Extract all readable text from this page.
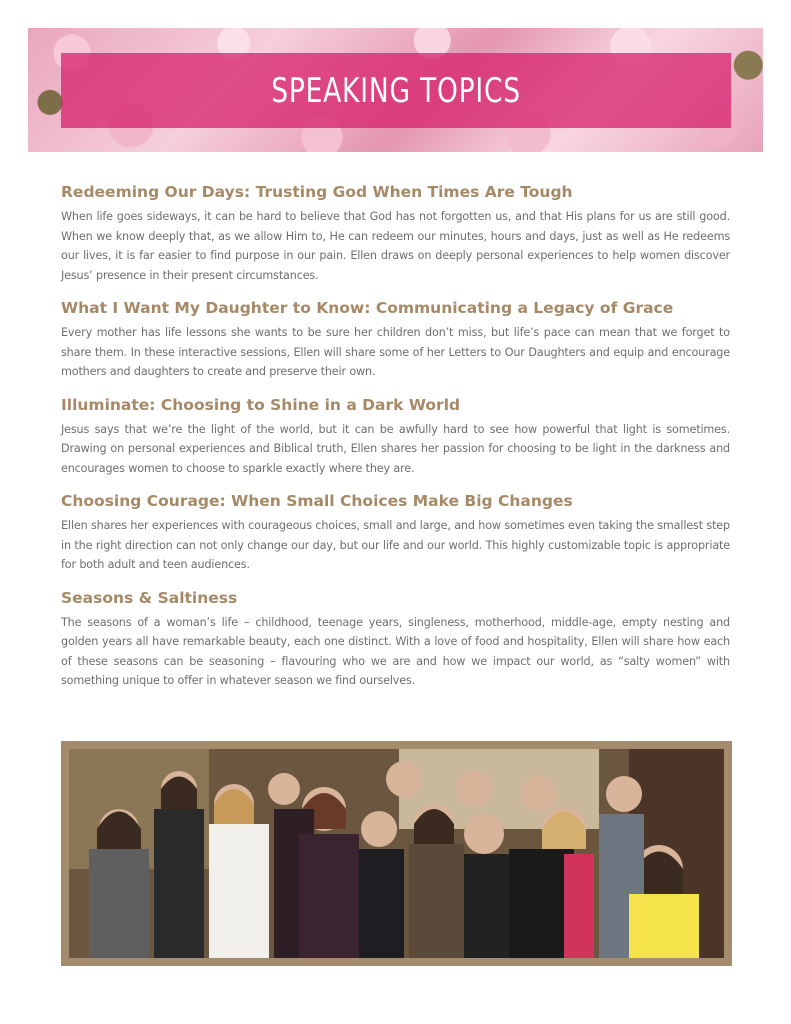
SPEAKING TOPICS
Redeeming Our Days: Trusting God When Times Are Tough

When life goes sideways, it can be hard to believe that God has not forgotten us, and that His plans for us are still good. When we know deeply that, as we allow Him to, He can redeem our minutes, hours and days, just as well as He redeems our lives, it is far easier to find purpose in our pain. Ellen draws on deeply personal experiences to help women discover Jesus’ presence in their present circumstances.

What I Want My Daughter to Know: Communicating a Legacy of Grace

Every mother has life lessons she wants to be sure her children don’t miss, but life’s pace can mean that we forget to share them. In these interactive sessions, Ellen will share some of her Letters to Our Daughters and equip and encourage mothers and daughters to create and preserve their own.

Illuminate: Choosing to Shine in a Dark World

Jesus says that we’re the light of the world, but it can be awfully hard to see how powerful that light is sometimes. Drawing on personal experiences and Biblical truth, Ellen shares her passion for choosing to be light in the darkness and encourages women to choose to sparkle exactly where they are.

Choosing Courage: When Small Choices Make Big Changes

Ellen shares her experiences with courageous choices, small and large, and how sometimes even taking the smallest step in the right direction can not only change our day, but our life and our world. This highly customizable topic is appropriate for both adult and teen audiences.

Seasons & Saltiness

The seasons of a woman’s life – childhood, teenage years, singleness, motherhood, middle-age, empty nesting and golden years all have remarkable beauty, each one distinct. With a love of food and hospitality, Ellen will share how each of these seasons can be seasoning – flavouring who we are and how we impact our world, as “salty women” with something unique to offer in whatever season we find ourselves.
